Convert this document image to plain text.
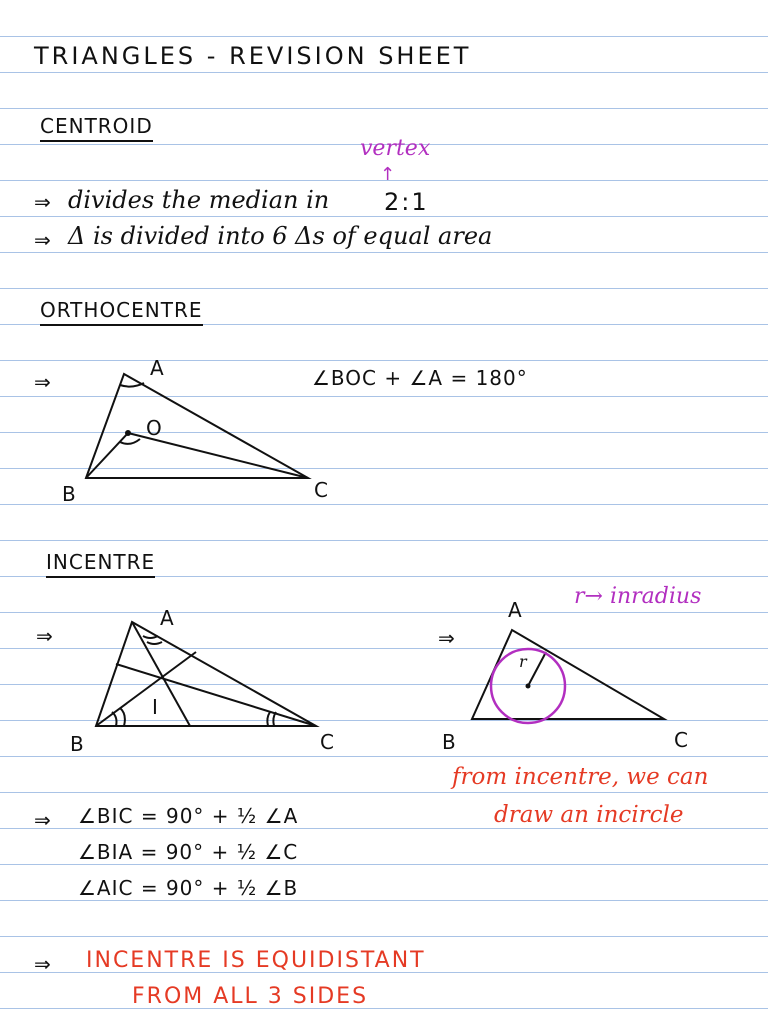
TRIANGLES - REVISION SHEET
CENTROID
vertex
↑
⇒ divides the median in 2:1
⇒ Δ is divided into 6 Δs of equal area
ORTHOCENTRE
⇒	∠BOC + ∠A = 180°
A
O
B	C
INCENTRE
⇒	⇒
r→ inradius
A
I
B	C
A
r
B	C
from incentre, we can
draw an incircle
⇒ ∠BIC = 90° + ½ ∠A
∠BIA = 90° + ½ ∠C
∠AIC = 90° + ½ ∠B
⇒ INCENTRE IS EQUIDISTANT
FROM ALL 3 SIDES
